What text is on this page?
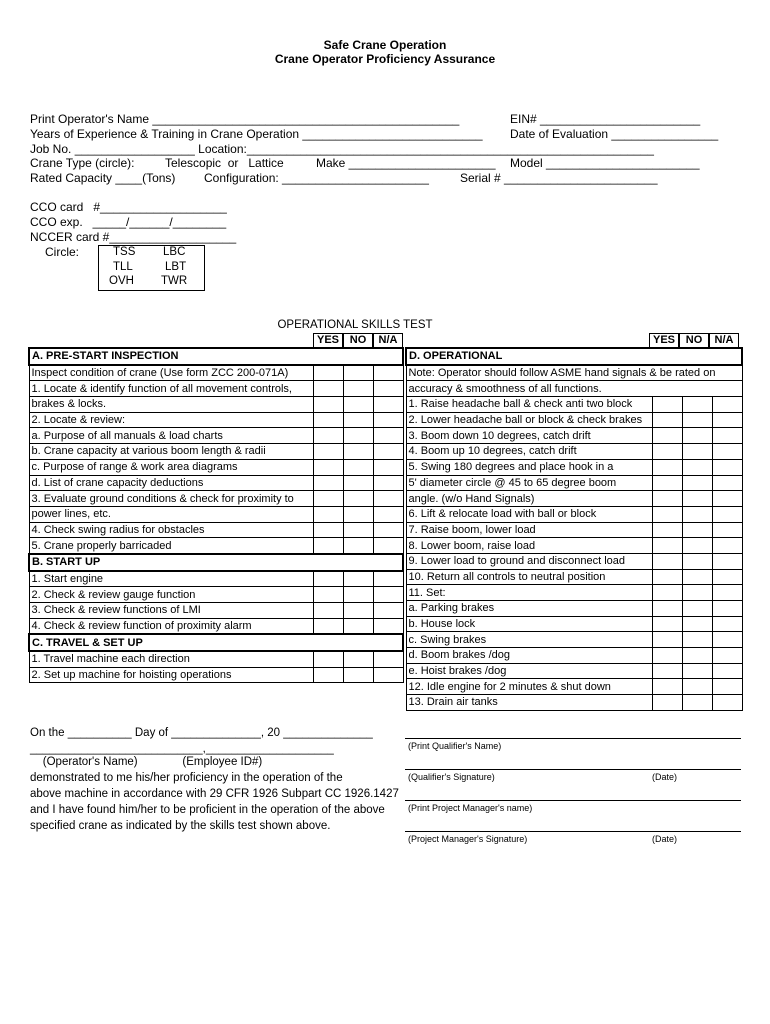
Safe Crane Operation
Crane Operator Proficiency Assurance
Print Operator's Name ______________________________________________	EIN# ________________________
Years of Experience & Training in Crane Operation ___________________________ Date of Evaluation ________________
Job No. __________________ Location:_____________________________________________________________
Crane Type (circle):	Telescopic  or   Lattice	Make ______________________ Model _______________________
Rated Capacity ____(Tons) Configuration: ______________________	Serial # _______________________
CCO card   #___________________
CCO exp.   _____/______/________
NCCER card #___________________
Circle:	TSS LBC
TLL	LBT
OVH TWR
OPERATIONAL SKILLS TEST
YES NO	N/A	YES NO	N/A
A. PRE-START INSPECTION			
Inspect condition of crane (Use form ZCC 200-071A)			
1. Locate & identify function of all movement controls,			
brakes & locks.			
2. Locate & review:			
a. Purpose of all manuals & load charts			
b. Crane capacity at various boom length & radii			
c. Purpose of range & work area diagrams			
d. List of crane capacity deductions			
3. Evaluate ground conditions & check for proximity to			
power lines, etc.			
4. Check swing radius for obstacles			
5. Crane properly barricaded			
B. START UP			
1. Start engine			
2. Check & review gauge function			
3. Check & review functions of LMI			
4. Check & review function of proximity alarm			
C. TRAVEL & SET UP			
1. Travel machine each direction			
2. Set up machine for hoisting operations			
D. OPERATIONAL			
Note: Operator should follow ASME hand signals & be rated on			
accuracy & smoothness of all functions.			
1. Raise headache ball & check anti two block			
2. Lower headache ball or block & check brakes			
3. Boom down 10 degrees, catch drift			
4. Boom up 10 degrees, catch drift			
5. Swing 180 degrees and place hook in a			
5' diameter circle @ 45 to 65 degree boom			
angle. (w/o Hand Signals)			
6. Lift & relocate load with ball or block			
7. Raise boom, lower load			
8. Lower boom, raise load			
9. Lower load to ground and disconnect load			
10. Return all controls to neutral position			
11. Set:			
a. Parking brakes			
b. House lock			
c. Swing brakes			
d. Boom brakes /dog			
e. Hoist brakes /dog			
12. Idle engine for 2 minutes & shut down			
13. Drain air tanks			
On the __________ Day of ______________, 20 ______________
___________________________,____________________
(Operator's Name)              (Employee ID#)
demonstrated to me his/her proficiency in the operation of the
above machine in accordance with 29 CFR 1926 Subpart CC 1926.1427
and I have found him/her to be proficient in the operation of the above
specified crane as indicated by the skills test shown above.
(Print Qualifier's Name)
(Qualifier's Signature)	(Date)
(Print Project Manager's name)
(Project Manager's Signature)	(Date)
